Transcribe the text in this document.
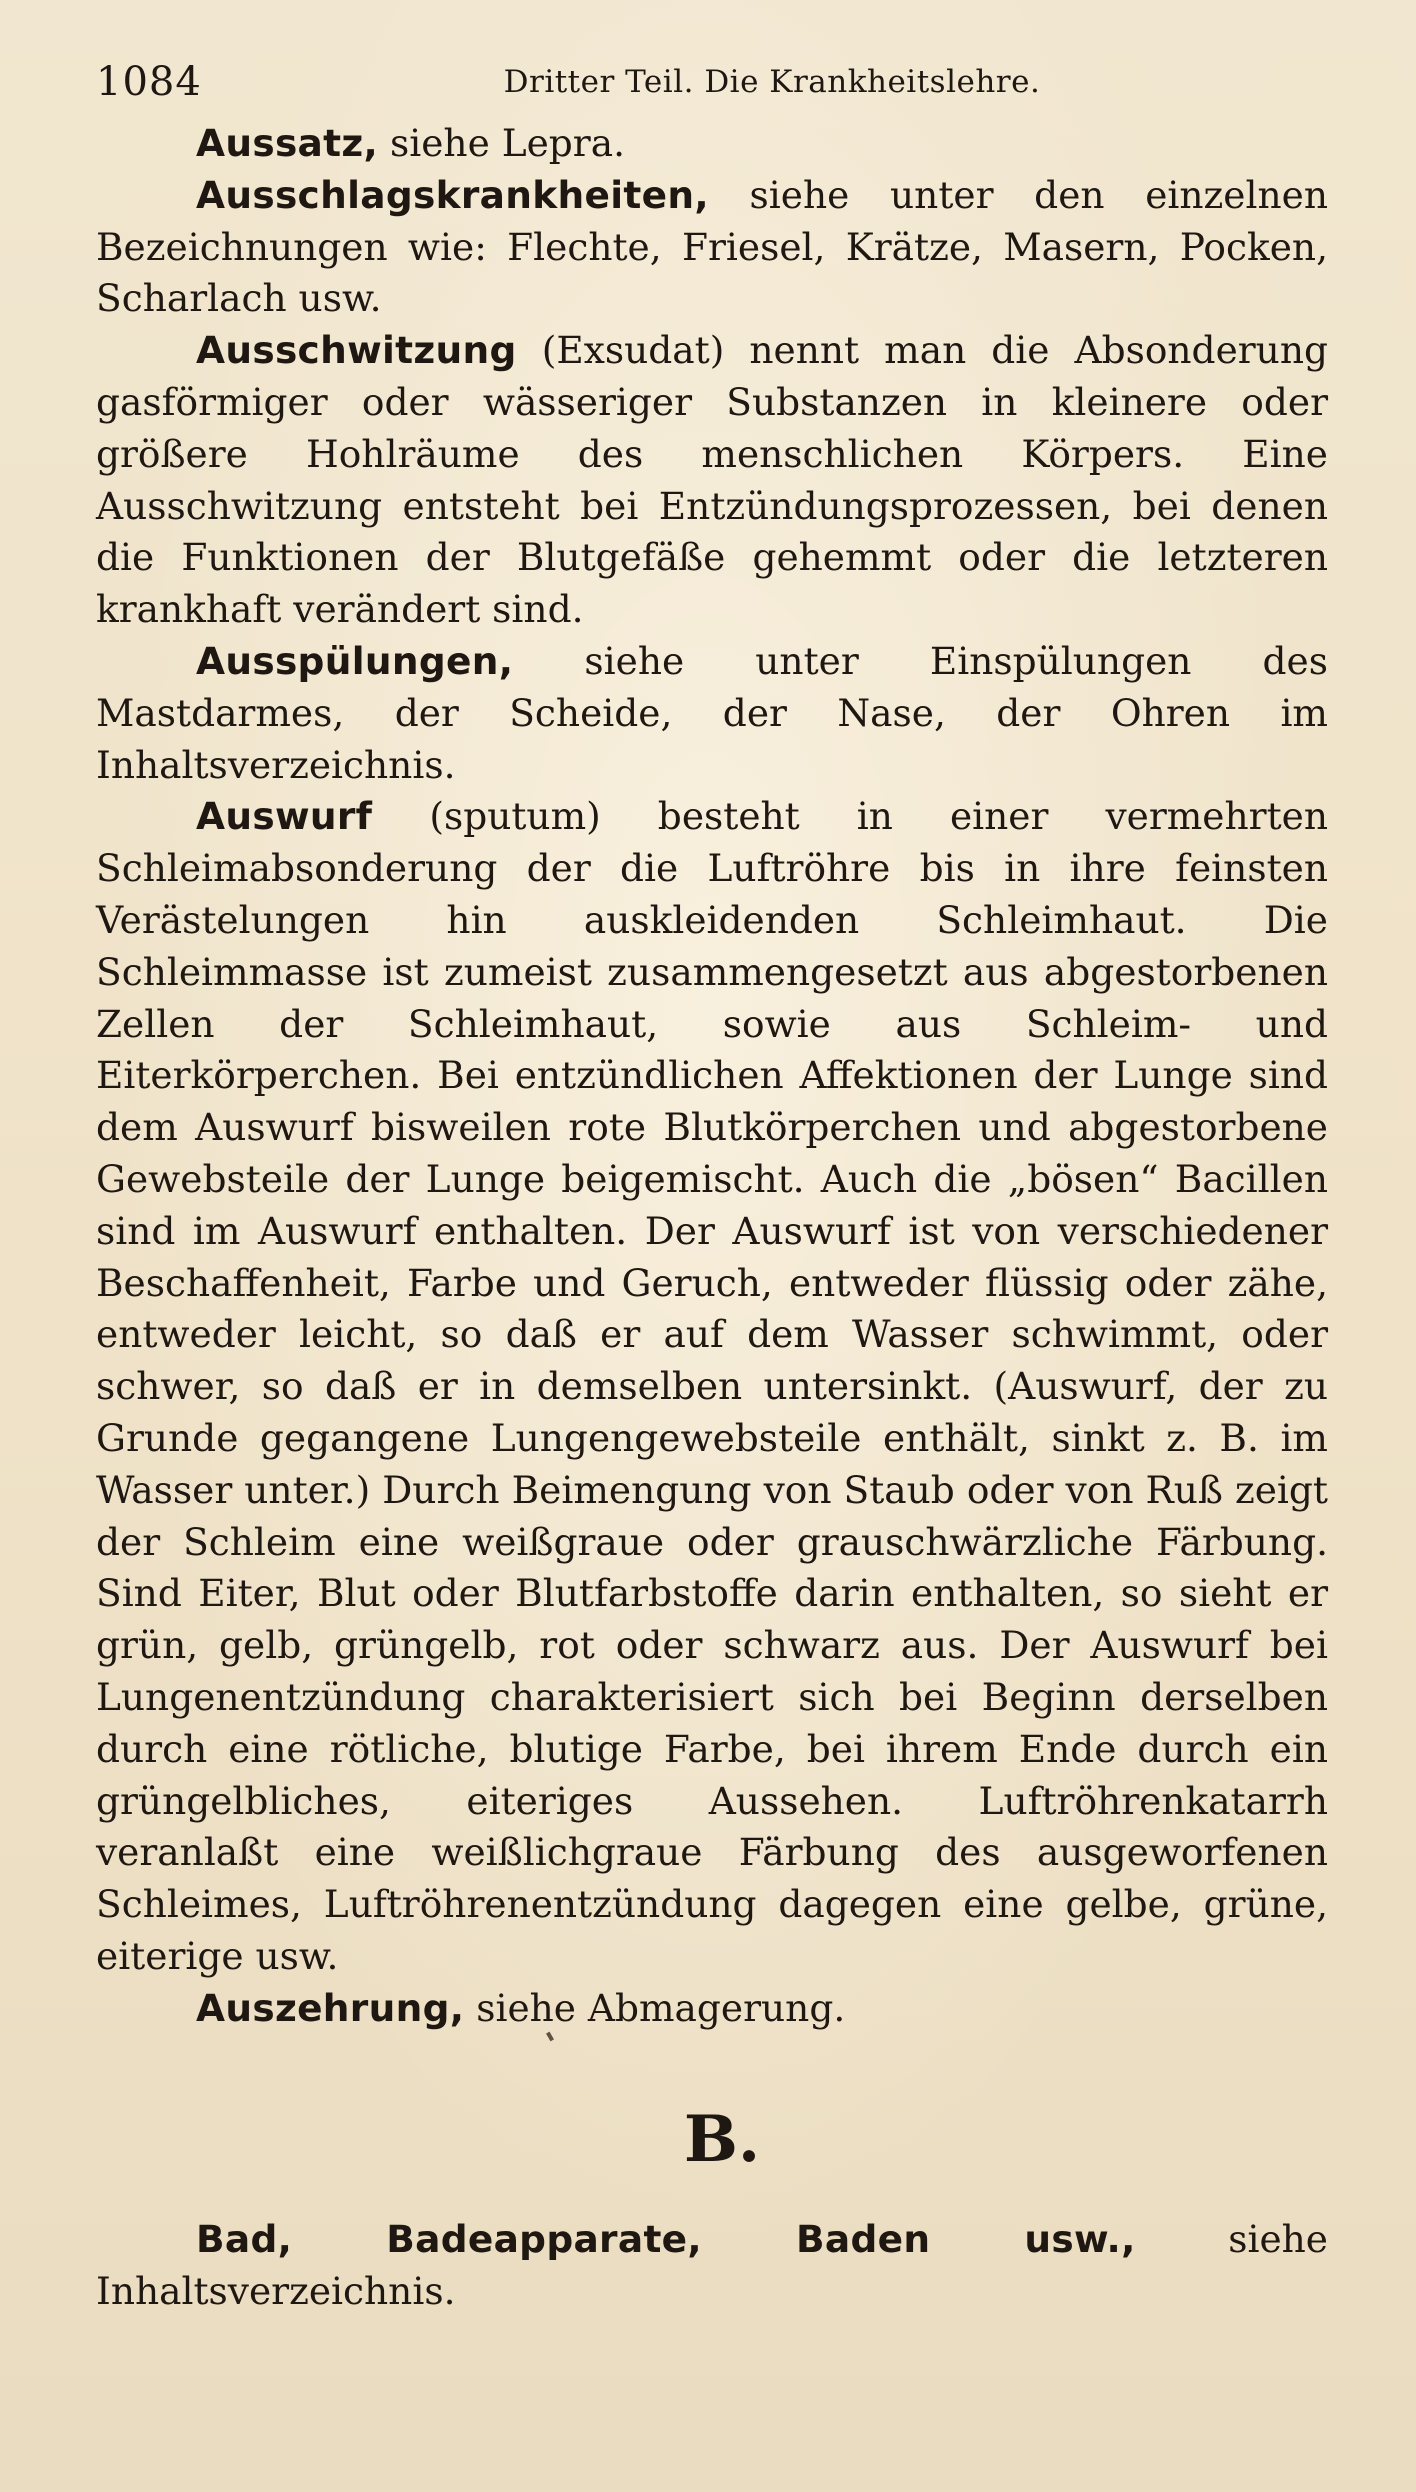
1084	Dritter Teil. Die Krankheitslehre.

Aussatz, siehe Lepra.

Ausschlagskrankheiten, siehe unter den einzelnen Bezeichnungen wie: Flechte, Friesel, Krätze, Masern, Pocken, Scharlach usw.

Ausschwitzung (Exsudat) nennt man die Absonderung gasförmiger oder wässeriger Substanzen in kleinere oder größere Hohlräume des menschlichen Körpers. Eine Ausschwitzung entsteht bei Entzündungsprozessen, bei denen die Funktionen der Blutgefäße gehemmt oder die letzteren krankhaft verändert sind.

Ausspülungen, siehe unter Einspülungen des Mastdarmes, der Scheide, der Nase, der Ohren im Inhaltsverzeichnis.

Auswurf (sputum) besteht in einer vermehrten Schleimabsonderung der die Luftröhre bis in ihre feinsten Verästelungen hin auskleidenden Schleimhaut. Die Schleimmasse ist zumeist zusammengesetzt aus abgestorbenen Zellen der Schleimhaut, sowie aus Schleim- und Eiterkörperchen. Bei entzündlichen Affektionen der Lunge sind dem Auswurf bisweilen rote Blutkörperchen und abgestorbene Gewebsteile der Lunge beigemischt. Auch die „bösen“ Bacillen sind im Auswurf enthalten. Der Auswurf ist von verschiedener Beschaffenheit, Farbe und Geruch, entweder flüssig oder zähe, entweder leicht, so daß er auf dem Wasser schwimmt, oder schwer, so daß er in demselben untersinkt. (Auswurf, der zu Grunde gegangene Lungengewebsteile enthält, sinkt z. B. im Wasser unter.) Durch Beimengung von Staub oder von Ruß zeigt der Schleim eine weißgraue oder grauschwärzliche Färbung. Sind Eiter, Blut oder Blutfarbstoffe darin enthalten, so sieht er grün, gelb, grüngelb, rot oder schwarz aus. Der Auswurf bei Lungenentzündung charakterisiert sich bei Beginn derselben durch eine rötliche, blutige Farbe, bei ihrem Ende durch ein grüngelbliches, eiteriges Aussehen. Luftröhrenkatarrh veranlaßt eine weißlichgraue Färbung des ausgeworfenen Schleimes, Luftröhrenentzündung dagegen eine gelbe, grüne, eiterige usw.

Auszehrung, siehe Abmagerung.

B.

Bad, Badeapparate, Baden usw., siehe Inhaltsverzeichnis.
